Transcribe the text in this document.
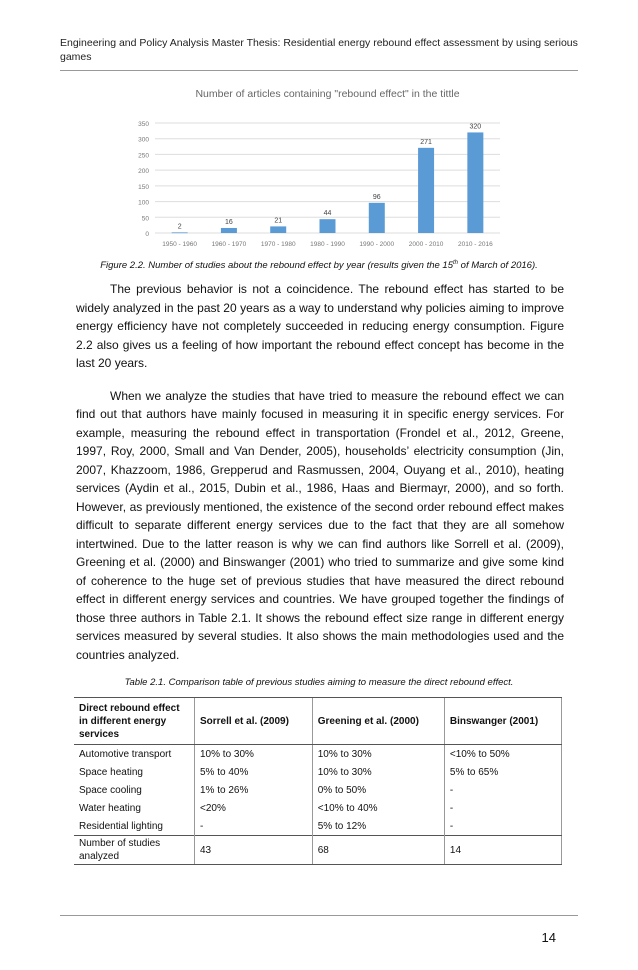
Engineering and Policy Analysis Master Thesis: Residential energy rebound effect assessment by using serious games
Number of articles containing "rebound effect" in the tittle
0
50
100
150
200
250
300
350
2
1950 - 1960
16
1960 - 1970
21
1970 - 1980
44
1980 - 1990
96
1990 - 2000
271
2000 - 2010
320
2010 - 2016
Figure 2.2. Number of studies about the rebound effect by year (results given the 15th of March of 2016).

The previous behavior is not a coincidence. The rebound effect has started to be widely analyzed in the past 20 years as a way to understand why policies aiming to improve energy efficiency have not completely succeeded in reducing energy consumption. Figure 2.2 also gives us a feeling of how important the rebound effect concept has become in the last 20 years.

When we analyze the studies that have tried to measure the rebound effect we can find out that authors have mainly focused in measuring it in specific energy services. For example, measuring the rebound effect in transportation (Frondel et al., 2012, Greene, 1997, Roy, 2000, Small and Van Dender, 2005), households’ electricity consumption (Jin, 2007, Khazzoom, 1986, Grepperud and Rasmussen, 2004, Ouyang et al., 2010), heating services (Aydin et al., 2015, Dubin et al., 1986, Haas and Biermayr, 2000), and so forth. However, as previously mentioned, the existence of the second order rebound effect makes difficult to separate different energy services due to the fact that they are all somehow intertwined. Due to the latter reason is why we can find authors like Sorrell et al. (2009), Greening et al. (2000) and Binswanger (2001) who tried to summarize and give some kind of coherence to the huge set of previous studies that have measured the direct rebound effect in different energy services and countries. We have grouped together the findings of those three authors in Table 2.1. It shows the rebound effect size range in different energy services measured by several studies. It also shows the main methodologies used and the countries analyzed.

Table 2.1. Comparison table of previous studies aiming to measure the direct rebound effect.
Direct rebound effect in different energy services	Sorrell et al. (2009)	Greening et al. (2000)	Binswanger (2001)
Automotive transport	10% to 30%	10% to 30%	<10% to 50%
Space heating	5% to 40%	10% to 30%	5% to 65%
Space cooling	1% to 26%	0% to 50%	-
Water heating	<20%	<10% to 40%	-
Residential lighting	-	5% to 12%	-
Number of studies analyzed	43	68	14
14
